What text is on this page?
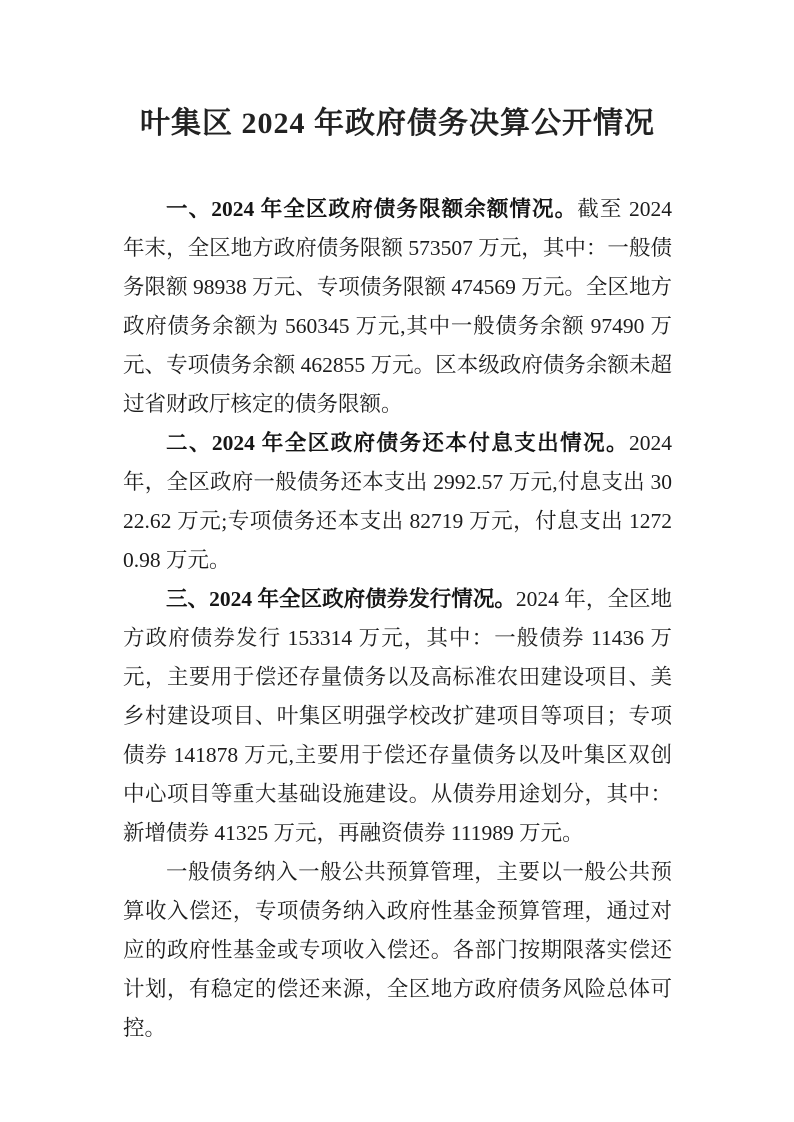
叶集区 2024 年政府债务决算公开情况

一、2024 年全区政府债务限额余额情况。截至 2024 年末，全区地方政府债务限额 573507 万元，其中：一般债务限额 98938 万元、专项债务限额 474569 万元。全区地方政府债务余额为 560345 万元,其中一般债务余额 97490 万元、专项债务余额 462855 万元。区本级政府债务余额未超过省财政厅核定的债务限额。

二、2024 年全区政府债务还本付息支出情况。2024 年，全区政府一般债务还本支出 2992.57 万元,付息支出 3022.62 万元;专项债务还本支出 82719 万元，付息支出 12720.98 万元。

三、2024 年全区政府债券发行情况。2024 年，全区地方政府债券发行 153314 万元，其中：一般债券 11436 万元，主要用于偿还存量债务以及高标准农田建设项目、美乡村建设项目、叶集区明强学校改扩建项目等项目；专项债券 141878 万元,主要用于偿还存量债务以及叶集区双创中心项目等重大基础设施建设。从债券用途划分，其中：新增债券 41325 万元，再融资债券 111989 万元。

一般债务纳入一般公共预算管理，主要以一般公共预算收入偿还，专项债务纳入政府性基金预算管理，通过对应的政府性基金或专项收入偿还。各部门按期限落实偿还计划，有稳定的偿还来源，全区地方政府债务风险总体可控。
